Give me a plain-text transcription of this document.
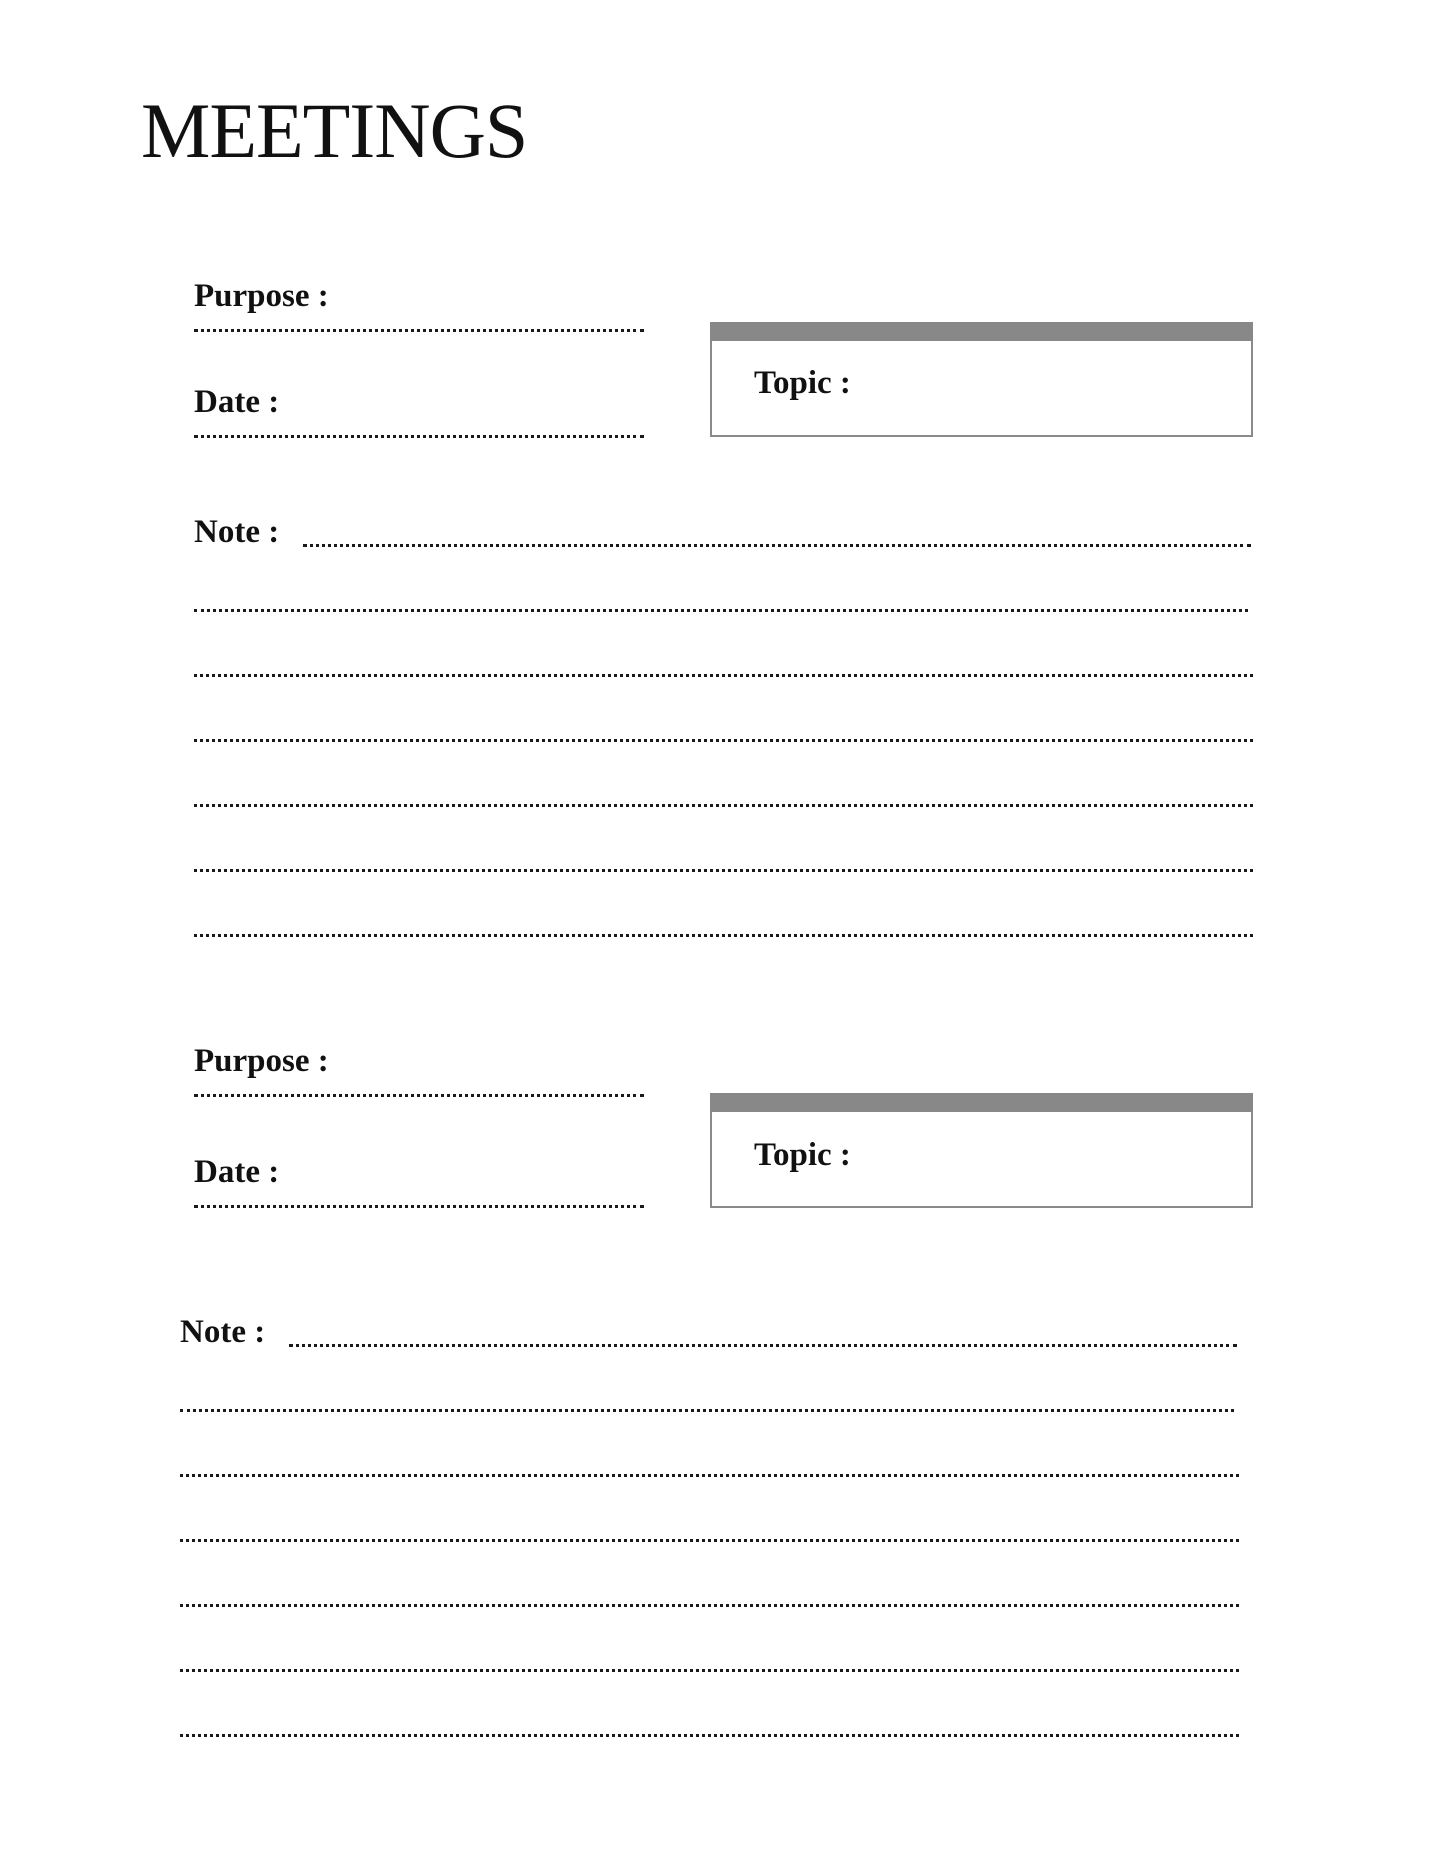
MEETINGS
Purpose :
Date :
Topic :
Note :
Purpose :
Date :	Topic :
Note :
